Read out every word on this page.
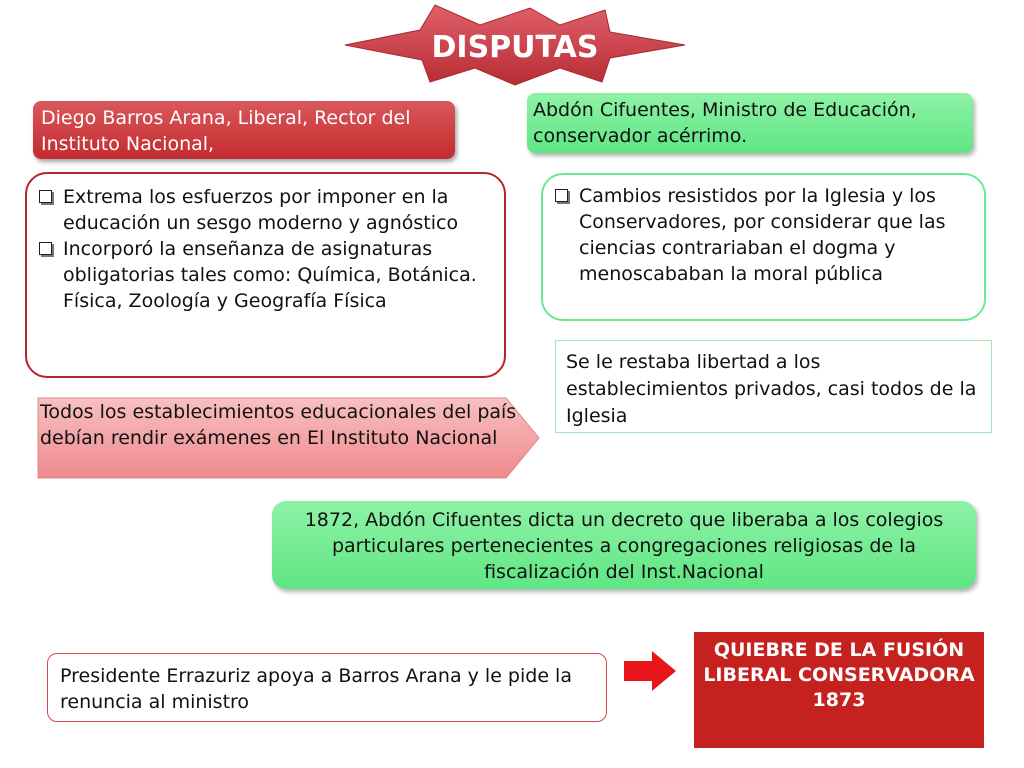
DISPUTAS
Diego Barros Arana, Liberal, Rector del Instituto Nacional,
Abdón Cifuentes, Ministro de Educación, conservador acérrimo.
Extrema los esfuerzos por imponer en la educación un sesgo moderno y agnóstico
Incorporó la enseñanza de asignaturas obligatorias tales como: Química, Botánica. Física, Zoología y Geografía Física
Cambios resistidos por la Iglesia y los Conservadores, por considerar que las ciencias contrariaban el dogma y menoscababan la moral pública
Se le restaba libertad a los establecimientos privados, casi todos de la Iglesia
Todos los establecimientos educacionales del país debían rendir exámenes en El Instituto Nacional
1872, Abdón Cifuentes dicta un decreto que liberaba a los colegios particulares pertenecientes a congregaciones religiosas de la fiscalización del Inst.Nacional
Presidente Errazuriz apoya a Barros Arana y le pide la renuncia al ministro
QUIEBRE DE LA FUSIÓN LIBERAL CONSERVADORA 1873
